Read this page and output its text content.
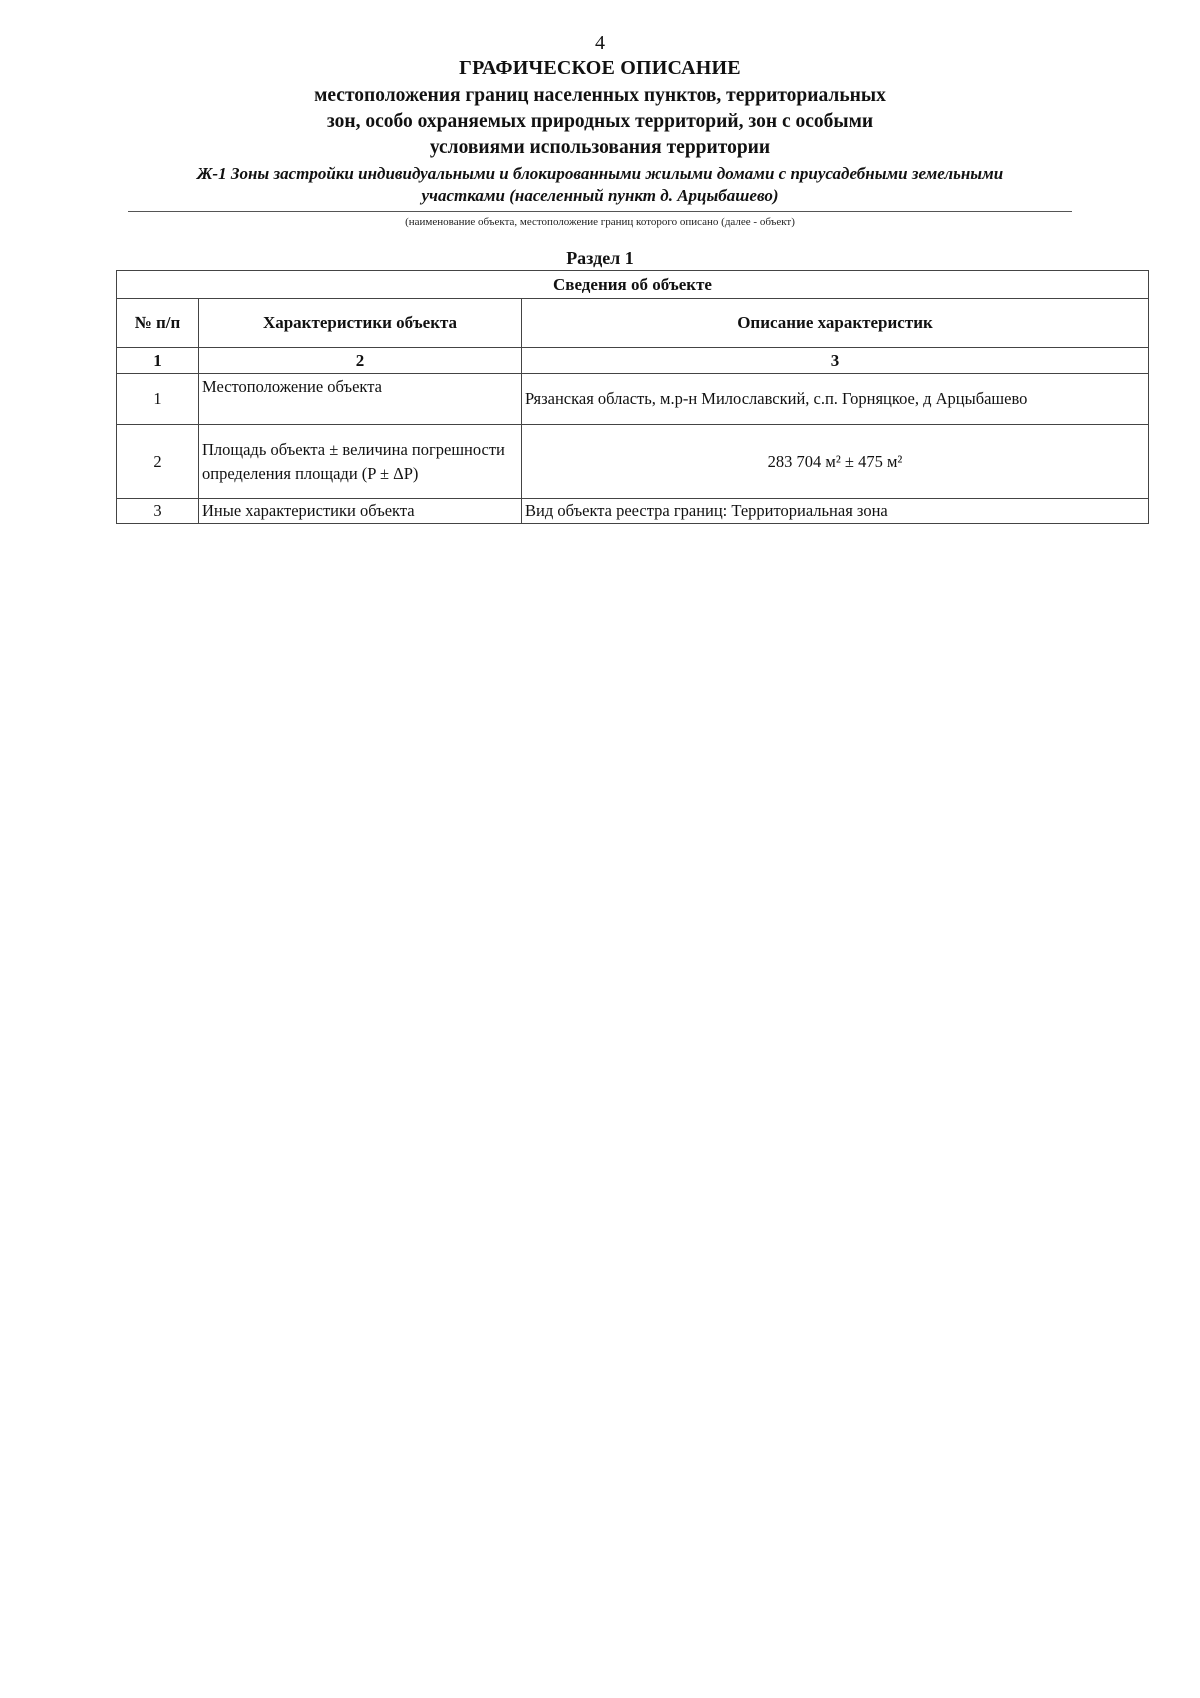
4
ГРАФИЧЕСКОЕ ОПИСАНИЕ
местоположения границ населенных пунктов, территориальных
зон, особо охраняемых природных территорий, зон с особыми
условиями использования территории
Ж-1 Зоны застройки индивидуальными и блокированными жилыми домами с приусадебными земельными
участками (населенный пункт д. Арцыбашево)
(наименование объекта, местоположение границ которого описано (далее - объект)
Раздел 1
Сведения об объекте		
№ п/п	Характеристики объекта	Описание характеристик
1	2	3
1	Местоположение объекта	Рязанская область, м.р-н Милославский, с.п. Горняцкое, д Арцыбашево
2	Площадь объекта ± величина погрешности определения площади (P ± ΔP)	283 704 м² ± 475 м²
3	Иные характеристики объекта	Вид объекта реестра границ: Территориальная зона
